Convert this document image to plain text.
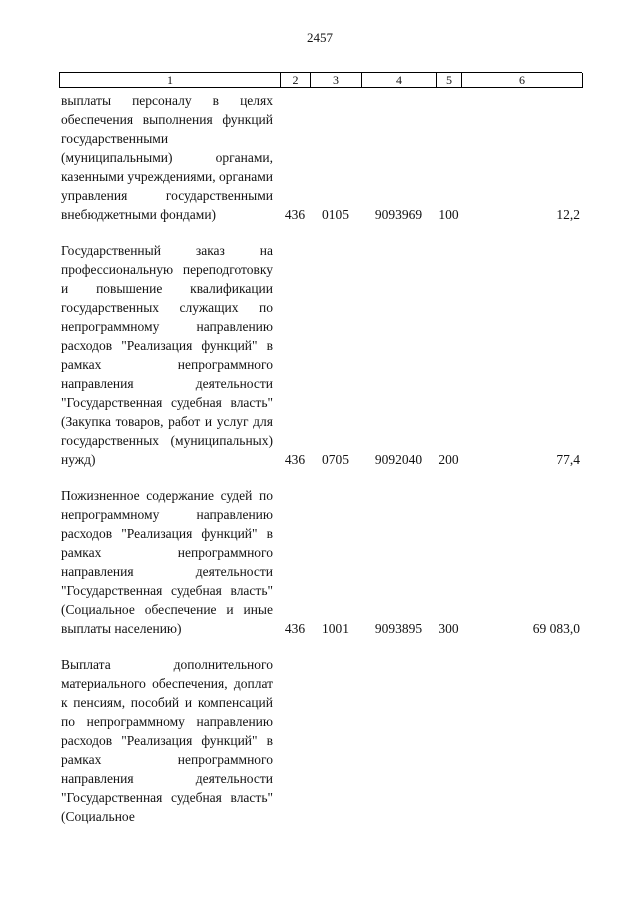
2457
1	2	3	4	5	6
выплаты персоналу в целях обеспечения выполнения функций государственными (муниципальными) органами, казенными учреждениями, органами управления государственными внебюджетными фондами)	436	0105	9093969	100	12,2
Государственный заказ на профессиональную переподготовку и повышение квалификации государственных служащих по непрограммному направлению расходов "Реализация функций" в рамках непрограммного направления деятельности "Государственная судебная власть" (Закупка товаров, работ и услуг для государственных (муниципальных) нужд)	436	0705	9092040	200	77,4
Пожизненное содержание судей по непрограммному направлению расходов "Реализация функций" в рамках непрограммного направления деятельности "Государственная судебная власть" (Социальное обеспечение и иные выплаты населению)	436	1001	9093895	300	69 083,0
Выплата дополнительного материального обеспечения, доплат к пенсиям, пособий и компенсаций по непрограммному направлению расходов "Реализация функций" в рамках непрограммного направления деятельности "Государственная судебная власть" (Социальное
